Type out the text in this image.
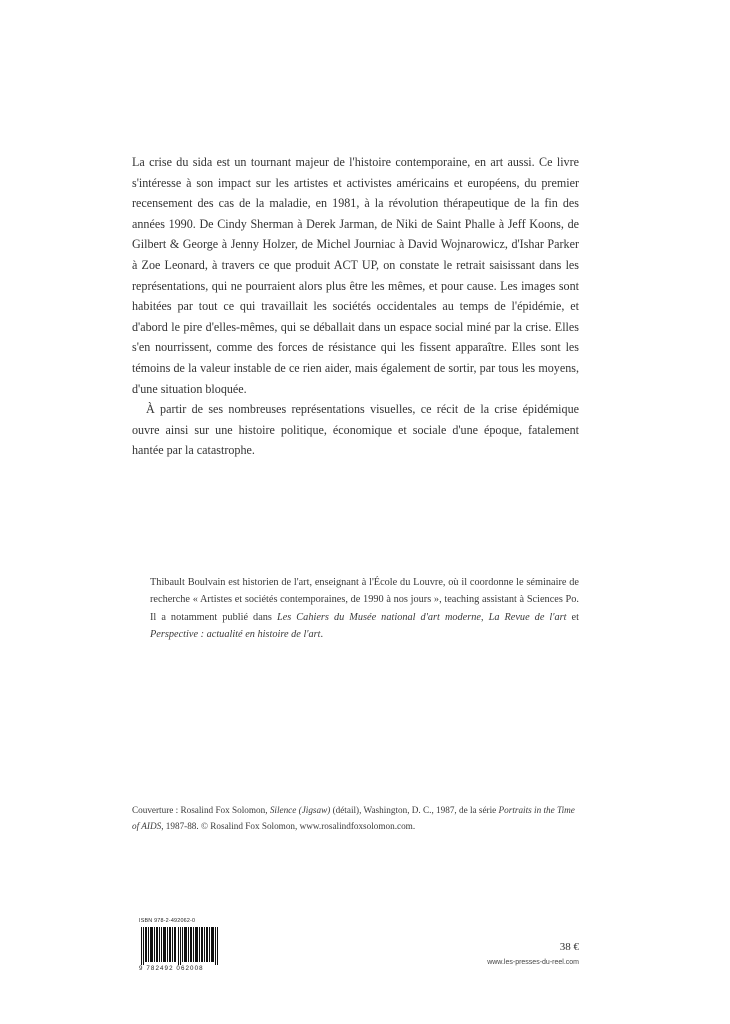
La crise du sida est un tournant majeur de l'histoire contemporaine, en art aussi. Ce livre s'intéresse à son impact sur les artistes et activistes américains et européens, du premier recensement des cas de la maladie, en 1981, à la révolution thérapeutique de la fin des années 1990. De Cindy Sherman à Derek Jarman, de Niki de Saint Phalle à Jeff Koons, de Gilbert & George à Jenny Holzer, de Michel Journiac à David Wojnarowicz, d'Ishar Parker à Zoe Leonard, à travers ce que produit ACT UP, on constate le retrait saisissant dans les représentations, qui ne pourraient alors plus être les mêmes, et pour cause. Les images sont habitées par tout ce qui travaillait les sociétés occidentales au temps de l'épidémie, et d'abord le pire d'elles-mêmes, qui se déballait dans un espace social miné par la crise. Elles s'en nourrissent, comme des forces de résistance qui les fissent apparaître. Elles sont les témoins de la valeur instable de ce rien aider, mais également de sortir, par tous les moyens, d'une situation bloquée.

À partir de ses nombreuses représentations visuelles, ce récit de la crise épidémique ouvre ainsi sur une histoire politique, économique et sociale d'une époque, fatalement hantée par la catastrophe.

Thibault Boulvain est historien de l'art, enseignant à l'École du Louvre, où il coordonne le séminaire de recherche « Artistes et sociétés contemporaines, de 1990 à nos jours », teaching assistant à Sciences Po. Il a notamment publié dans Les Cahiers du Musée national d'art moderne, La Revue de l'art et Perspective : actualité en histoire de l'art.

Couverture : Rosalind Fox Solomon, Silence (Jigsaw) (détail), Washington, D. C., 1987, de la série Portraits in the Time of AIDS, 1987-88. © Rosalind Fox Solomon, www.rosalindfoxsolomon.com.

ISBN 978-2-492062-0
9 782492 062008
38 €
www.les-presses-du-reel.com
